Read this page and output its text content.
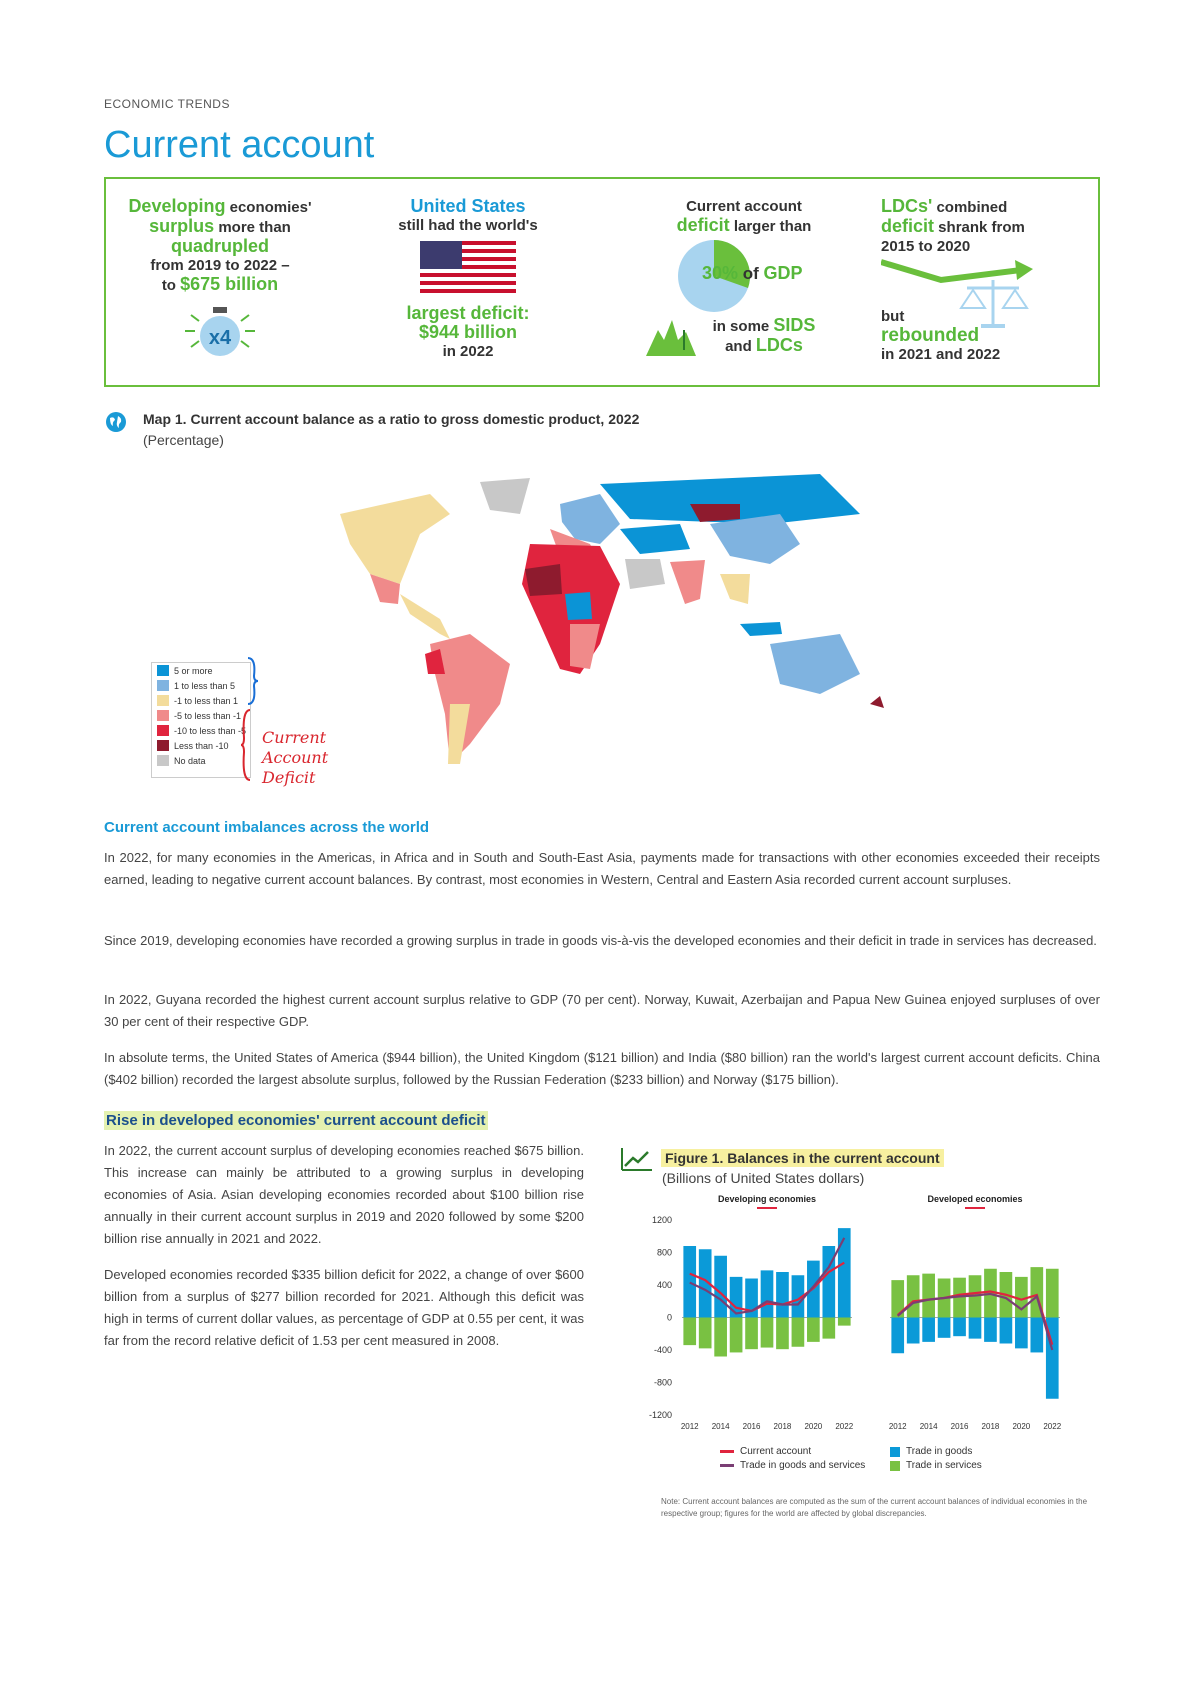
ECONOMIC TRENDS
Current account
Developing economies'
surplus more than
quadrupled
from 2019 to 2022 –
to $675 billion
x4
United States
still had the world's
largest deficit:
$944 billion
in 2022
Current account
deficit larger than
30% of GDP
in some SIDS
and LDCs
LDCs' combined
deficit shrank from
2015 to 2020
but
rebounded
in 2021 and 2022
Map 1. Current account balance as a ratio to gross domestic product, 2022
(Percentage)
5 or more
1 to less than 5
-1 to less than 1
-5 to less than -1
-10 to less than -5
Less than -10
No data
Current
Account
Deficit
Current account imbalances across the world
In 2022, for many economies in the Americas, in Africa and in South and South-East Asia, payments made for transactions with other economies exceeded their receipts earned, leading to negative current account balances. By contrast, most economies in Western, Central and Eastern Asia recorded current account surpluses.
Since 2019, developing economies have recorded a growing surplus in trade in goods vis-à-vis the developed economies and their deficit in trade in services has decreased.
In 2022, Guyana recorded the highest current account surplus relative to GDP (70 per cent). Norway, Kuwait, Azerbaijan and Papua New Guinea enjoyed surpluses of over 30 per cent of their respective GDP.
In absolute terms, the United States of America ($944 billion), the United Kingdom ($121 billion) and India ($80 billion) ran the world's largest current account deficits. China ($402 billion) recorded the largest absolute surplus, followed by the Russian Federation ($233 billion) and Norway ($175 billion).
Rise in developed economies' current account deficit
In 2022, the current account surplus of developing economies reached $675 billion. This increase can mainly be attributed to a growing surplus in developing economies of Asia. Asian developing economies recorded about $100 billion rise annually in their current account surplus in 2019 and 2020 followed by some $200 billion rise annually in 2021 and 2022.
Developed economies recorded $335 billion deficit for 2022, a change of over $600 billion from a surplus of $277 billion recorded for 2021. Although this deficit was high in terms of current dollar values, as percentage of GDP at 0.55 per cent, it was far from the record relative deficit of 1.53 per cent measured in 2008.
Figure 1. Balances in the current account
(Billions of United States dollars)
1200
800
400
0
-400
-800
-1200
Developing economies
2012 2014 2016 2018 2020 2022
Developed economies
2012 2014 2016 2018 2020 2022
Current account
Trade in goods and services
Trade in goods
Trade in services
Note: Current account balances are computed as the sum of the current account balances of individual economies in the respective group; figures for the world are affected by global discrepancies.
